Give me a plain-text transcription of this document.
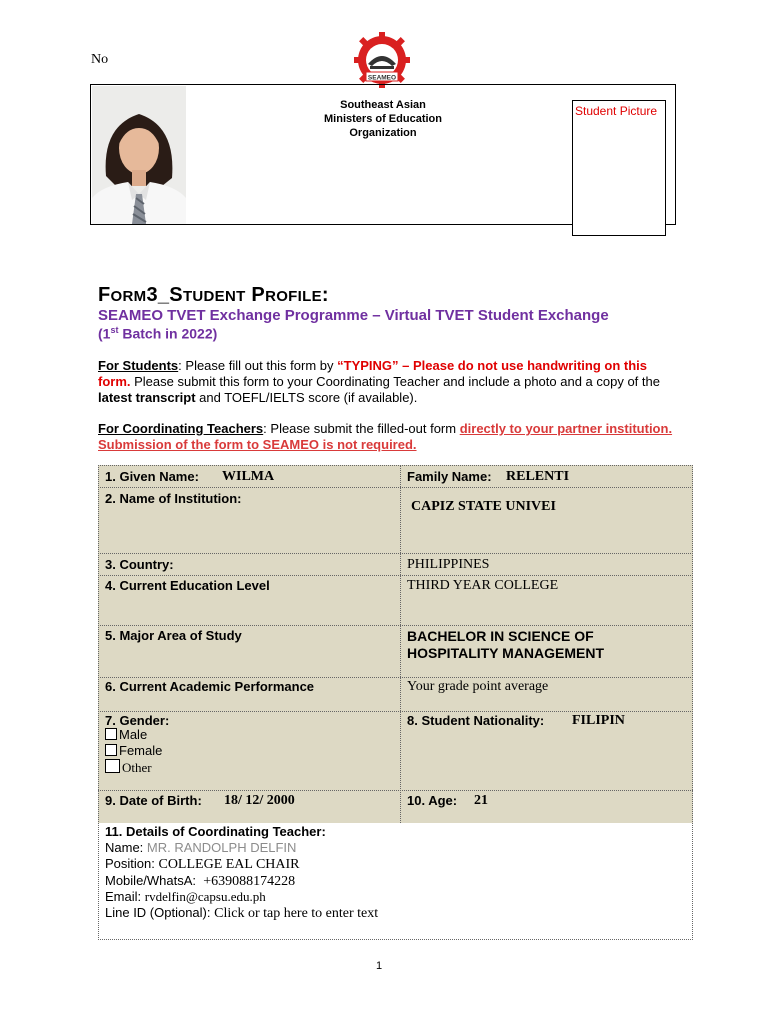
No
SEAMEO
Southeast Asian
Ministers of Education
Organization
Student Picture
FORM3_STUDENT PROFILE:
SEAMEO TVET Exchange Programme – Virtual TVET Student Exchange
(1st Batch in 2022)
For Students: Please fill out this form by “TYPING” – Please do not use handwriting on this form. Please submit this form to your Coordinating Teacher and include a photo and a copy of the latest transcript and TOEFL/IELTS score (if available).
For Coordinating Teachers: Please submit the filled-out form directly to your partner institution. Submission of the form to SEAMEO is not required.
1. Given Name: WILMA	Family Name: RELENTI
2. Name of Institution:
CAPIZ STATE UNIVEI
3. Country:	PHILIPPINES
4. Current Education Level	THIRD YEAR COLLEGE
5. Major Area of Study	BACHELOR IN SCIENCE OF
HOSPITALITY MANAGEMENT
6. Current Academic Performance	Your grade point average
7. Gender:
Male
Female
Other
8. Student Nationality: FILIPIN
9. Date of Birth: 18/ 12/ 2000	10. Age: 21
11. Details of Coordinating Teacher:
Name: MR. RANDOLPH DELFIN
Position: COLLEGE EAL CHAIR
Mobile/WhatsA: +639088174228
Email: rvdelfin@capsu.edu.ph
Line ID (Optional): Click or tap here to enter text
1
